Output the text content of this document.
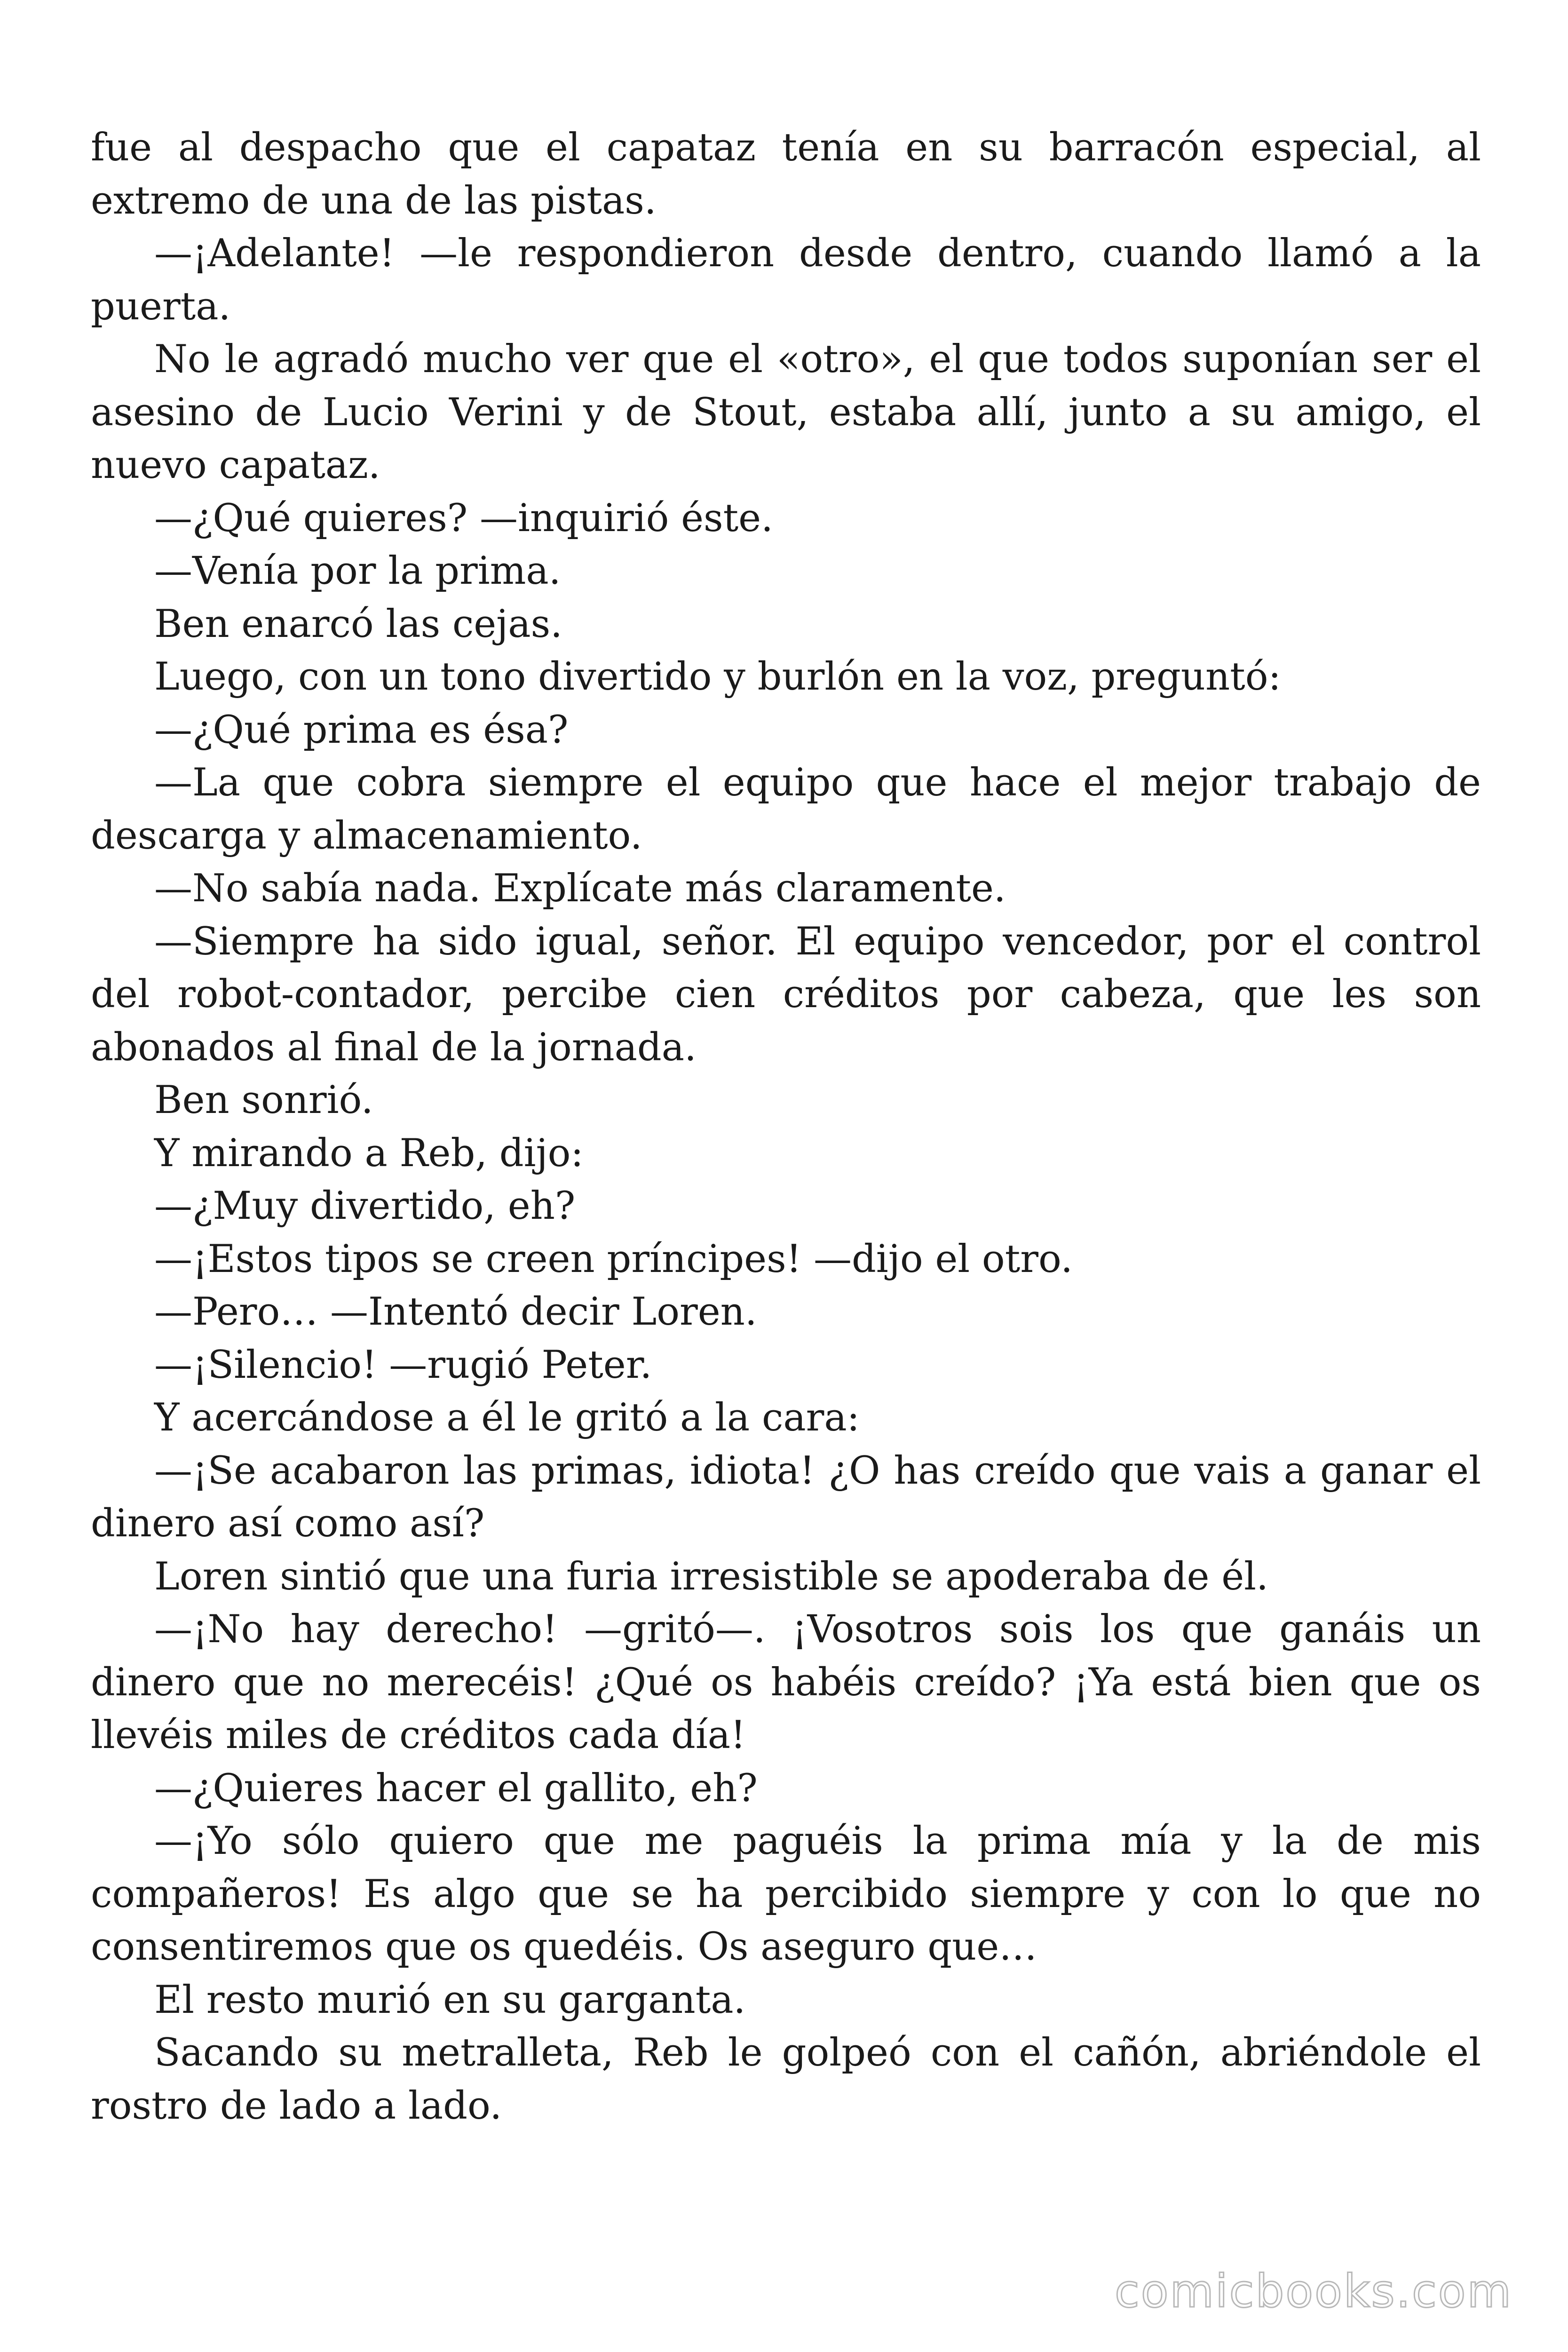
fue al despacho que el capataz tenía en su barracón especial, al extremo de una de las pistas.

—¡Adelante! —le respondieron desde dentro, cuando llamó a la puerta.

No le agradó mucho ver que el «otro», el que todos suponían ser el asesino de Lucio Verini y de Stout, estaba allí, junto a su amigo, el nuevo capataz.

—¿Qué quieres? —inquirió éste.

—Venía por la prima.

Ben enarcó las cejas.

Luego, con un tono divertido y burlón en la voz, preguntó:

—¿Qué prima es ésa?

—La que cobra siempre el equipo que hace el mejor trabajo de descarga y almacenamiento.

—No sabía nada. Explícate más claramente.

—Siempre ha sido igual, señor. El equipo vencedor, por el control del robot-contador, percibe cien créditos por cabeza, que les son abonados al final de la jornada.

Ben sonrió.

Y mirando a Reb, dijo:

—¿Muy divertido, eh?

—¡Estos tipos se creen príncipes! —dijo el otro.

—Pero… —Intentó decir Loren.

—¡Silencio! —rugió Peter.

Y acercándose a él le gritó a la cara:

—¡Se acabaron las primas, idiota! ¿O has creído que vais a ganar el dinero así como así?

Loren sintió que una furia irresistible se apoderaba de él.

—¡No hay derecho! —gritó—. ¡Vosotros sois los que ganáis un dinero que no merecéis! ¿Qué os habéis creído? ¡Ya está bien que os llevéis miles de créditos cada día!

—¿Quieres hacer el gallito, eh?

—¡Yo sólo quiero que me paguéis la prima mía y la de mis compañeros! Es algo que se ha percibido siempre y con lo que no consentiremos que os quedéis. Os aseguro que…

El resto murió en su garganta.

Sacando su metralleta, Reb le golpeó con el cañón, abriéndole el rostro de lado a lado.

comicbooks.com
